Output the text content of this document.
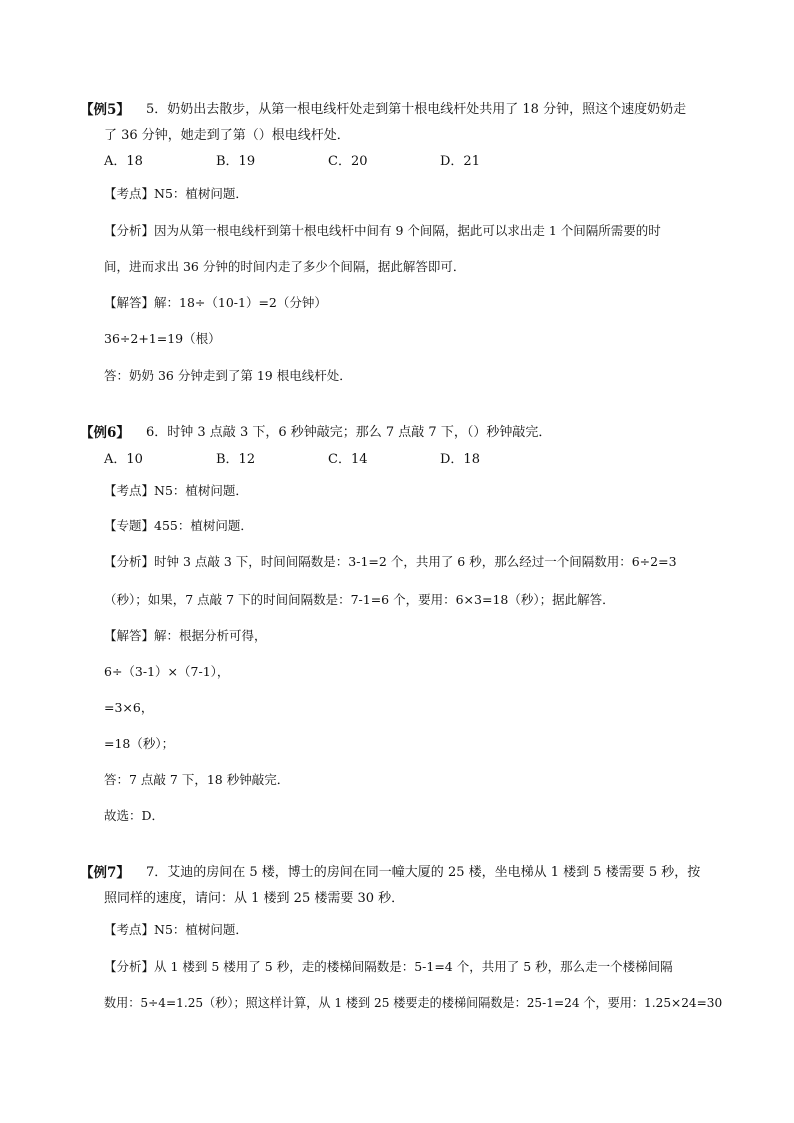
【例5】 5．奶奶出去散步，从第一根电线杆处走到第十根电线杆处共用了 18 分钟，照这个速度奶奶走
了 36 分钟，她走到了第（）根电线杆处．
A．18	B．19	C．20	D．21
【考点】N5：植树问题．
【分析】因为从第一根电线杆到第十根电线杆中间有 9 个间隔，据此可以求出走 1 个间隔所需要的时
间，进而求出 36 分钟的时间内走了多少个间隔，据此解答即可．
【解答】解：18÷（10-1）=2（分钟）
36÷2+1=19（根）
答：奶奶 36 分钟走到了第 19 根电线杆处．
【例6】 6．时钟 3 点敲 3 下，6 秒钟敲完；那么 7 点敲 7 下，（）秒钟敲完．
A．10	B．12	C．14	D．18
【考点】N5：植树问题．
【专题】455：植树问题．
【分析】时钟 3 点敲 3 下，时间间隔数是：3-1=2 个，共用了 6 秒，那么经过一个间隔数用：6÷2=3
（秒）；如果，7 点敲 7 下的时间间隔数是：7-1=6 个，要用：6×3=18（秒）；据此解答．
【解答】解：根据分析可得，
6÷（3-1）×（7-1），
=3×6，
=18（秒）；
答：7 点敲 7 下，18 秒钟敲完．
故选：D．
【例7】 7．艾迪的房间在 5 楼，博士的房间在同一幢大厦的 25 楼，坐电梯从 1 楼到 5 楼需要 5 秒，按
照同样的速度，请问：从 1 楼到 25 楼需要 30 秒．
【考点】N5：植树问题．
【分析】从 1 楼到 5 楼用了 5 秒，走的楼梯间隔数是：5-1=4 个，共用了 5 秒，那么走一个楼梯间隔
数用：5÷4=1.25（秒）；照这样计算，从 1 楼到 25 楼要走的楼梯间隔数是：25-1=24 个，要用：1.25×24=30
